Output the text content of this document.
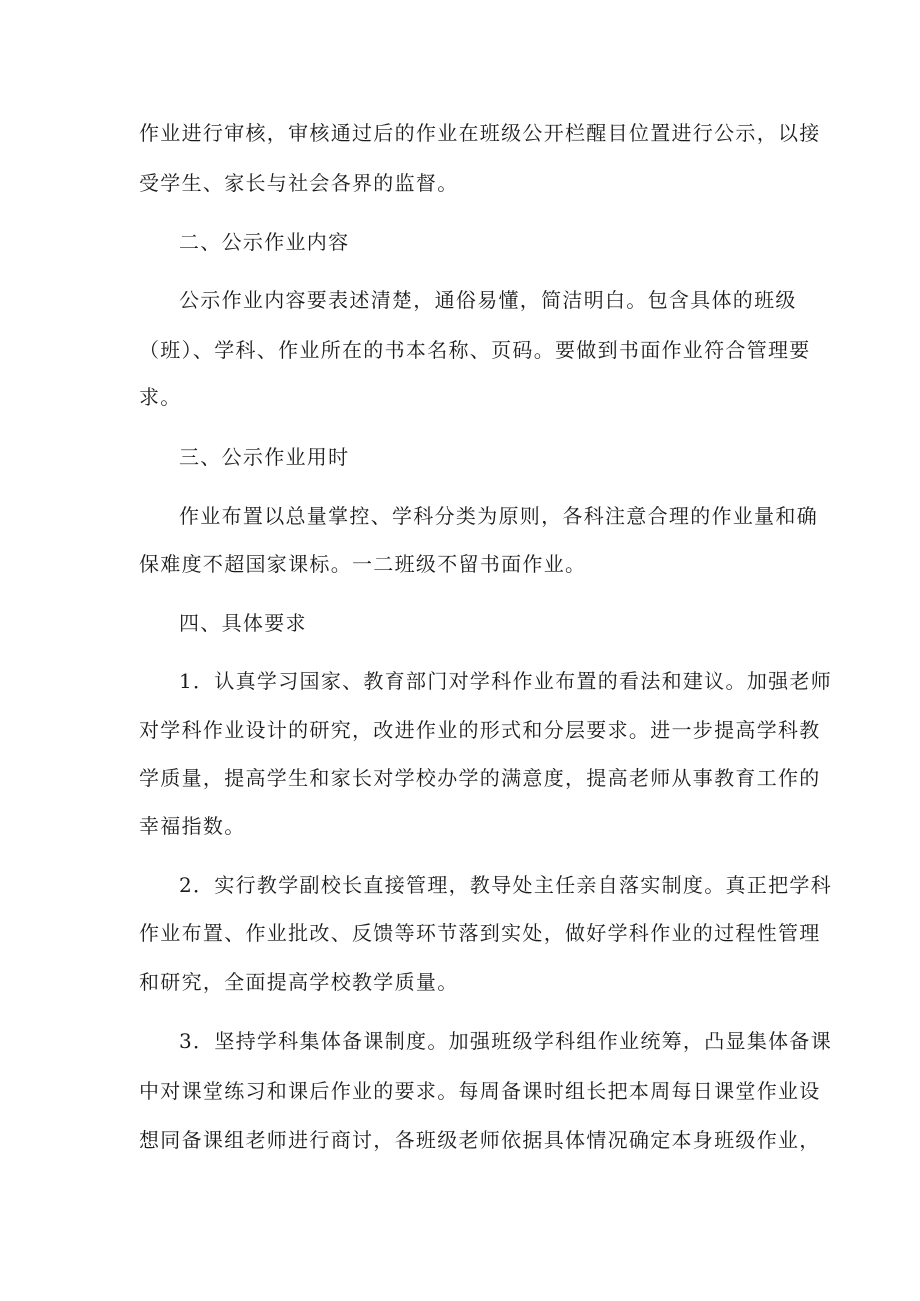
作业进行审核，审核通过后的作业在班级公开栏醒目位置进行公示，以接
受学生、家长与社会各界的监督。
二、公示作业内容
公示作业内容要表述清楚，通俗易懂，简洁明白。包含具体的班级
（班）、学科、作业所在的书本名称、页码。要做到书面作业符合管理要
求。
三、公示作业用时
作业布置以总量掌控、学科分类为原则，各科注意合理的作业量和确
保难度不超国家课标。一二班级不留书面作业。
四、具体要求
1．认真学习国家、教育部门对学科作业布置的看法和建议。加强老师
对学科作业设计的研究，改进作业的形式和分层要求。进一步提高学科教
学质量，提高学生和家长对学校办学的满意度，提高老师从事教育工作的
幸福指数。
2．实行教学副校长直接管理，教导处主任亲自落实制度。真正把学科
作业布置、作业批改、反馈等环节落到实处，做好学科作业的过程性管理
和研究，全面提高学校教学质量。
3．坚持学科集体备课制度。加强班级学科组作业统筹，凸显集体备课
中对课堂练习和课后作业的要求。每周备课时组长把本周每日课堂作业设
想同备课组老师进行商讨，各班级老师依据具体情况确定本身班级作业，
